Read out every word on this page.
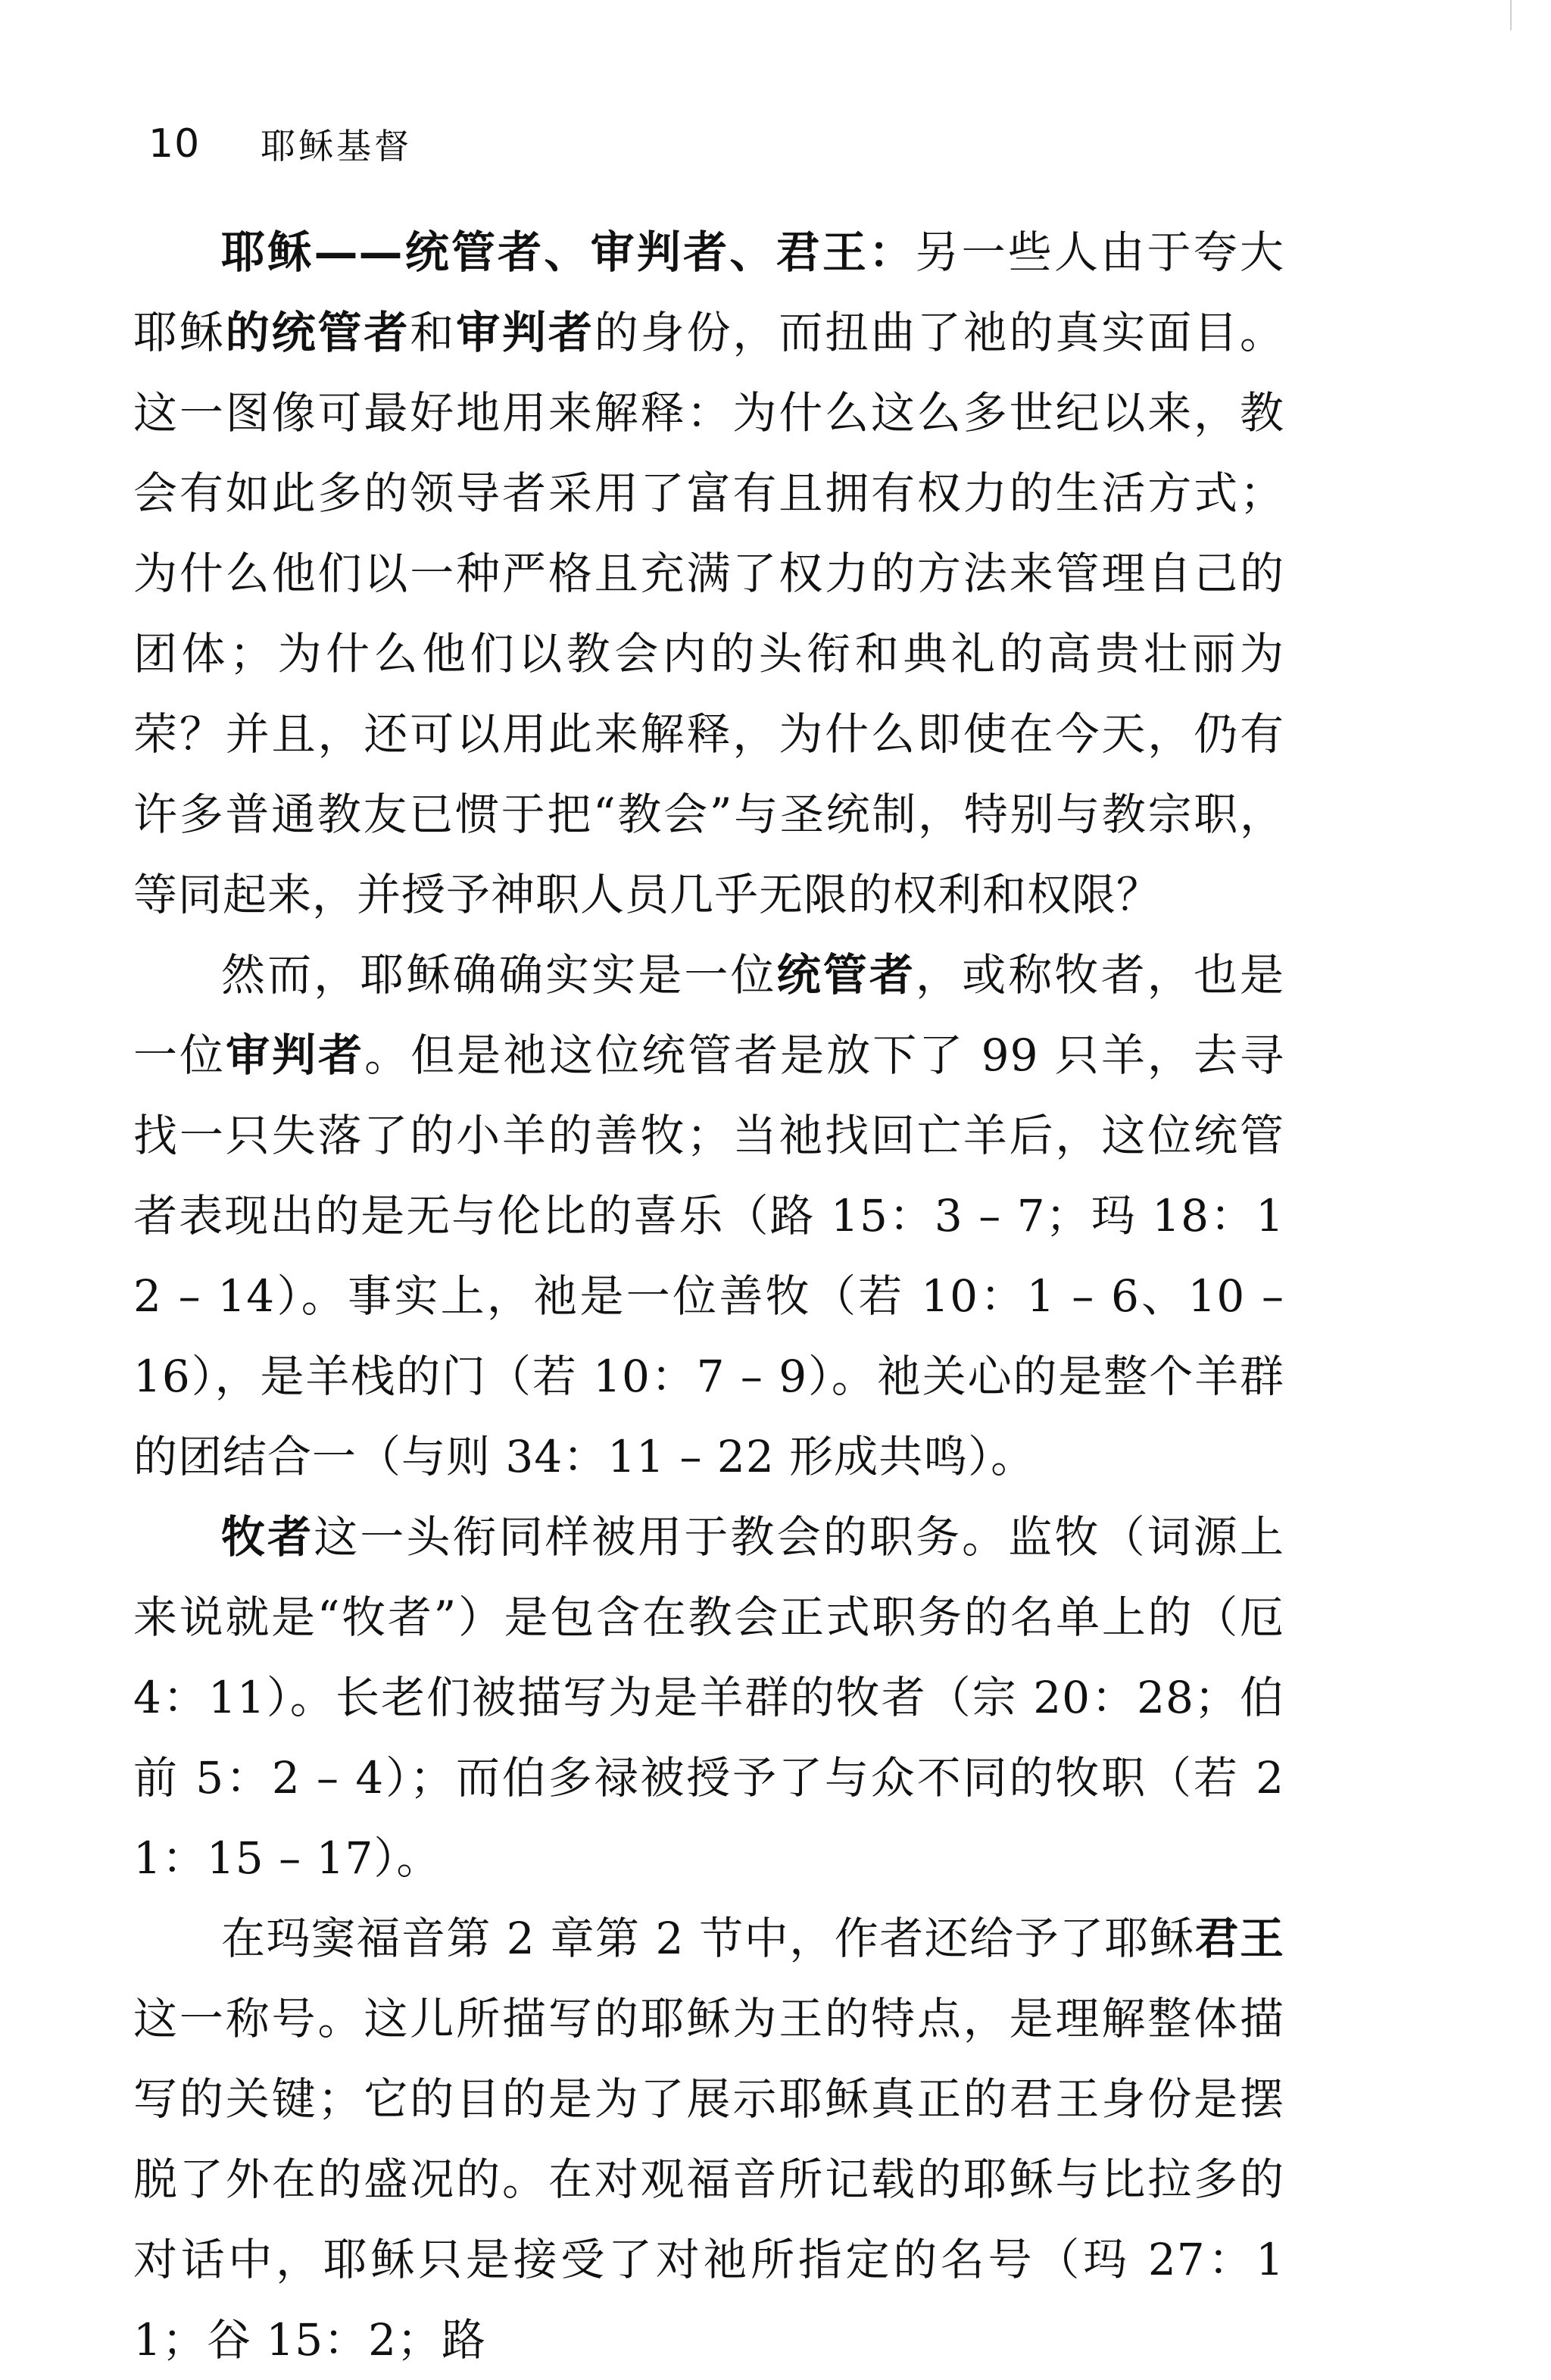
10 耶稣基督

耶稣——统管者、审判者、君王：另一些人由于夸大耶稣的统管者和审判者的身份，而扭曲了祂的真实面目。这一图像可最好地用来解释：为什么这么多世纪以来，教会有如此多的领导者采用了富有且拥有权力的生活方式；为什么他们以一种严格且充满了权力的方法来管理自己的团体；为什么他们以教会内的头衔和典礼的高贵壮丽为荣？并且，还可以用此来解释，为什么即使在今天，仍有许多普通教友已惯于把“教会”与圣统制，特别与教宗职，等同起来，并授予神职人员几乎无限的权利和权限？

然而，耶稣确确实实是一位统管者，或称牧者，也是一位审判者。但是祂这位统管者是放下了 99 只羊，去寻找一只失落了的小羊的善牧；当祂找回亡羊后，这位统管者表现出的是无与伦比的喜乐（路 15：3 – 7；玛 18：12 – 14）。事实上，祂是一位善牧（若 10：1 – 6、10 – 16），是羊栈的门（若 10：7 – 9）。祂关心的是整个羊群的团结合一（与则 34：11 – 22 形成共鸣）。

牧者这一头衔同样被用于教会的职务。监牧（词源上来说就是“牧者”）是包含在教会正式职务的名单上的（厄 4：11）。长老们被描写为是羊群的牧者（宗 20：28；伯前 5：2 – 4）；而伯多禄被授予了与众不同的牧职（若 21：15 – 17）。

在玛窦福音第 2 章第 2 节中，作者还给予了耶稣君王这一称号。这儿所描写的耶稣为王的特点，是理解整体描写的关键；它的目的是为了展示耶稣真正的君王身份是摆脱了外在的盛况的。在对观福音所记载的耶稣与比拉多的对话中，耶稣只是接受了对祂所指定的名号（玛 27：11；谷 15：2；路
